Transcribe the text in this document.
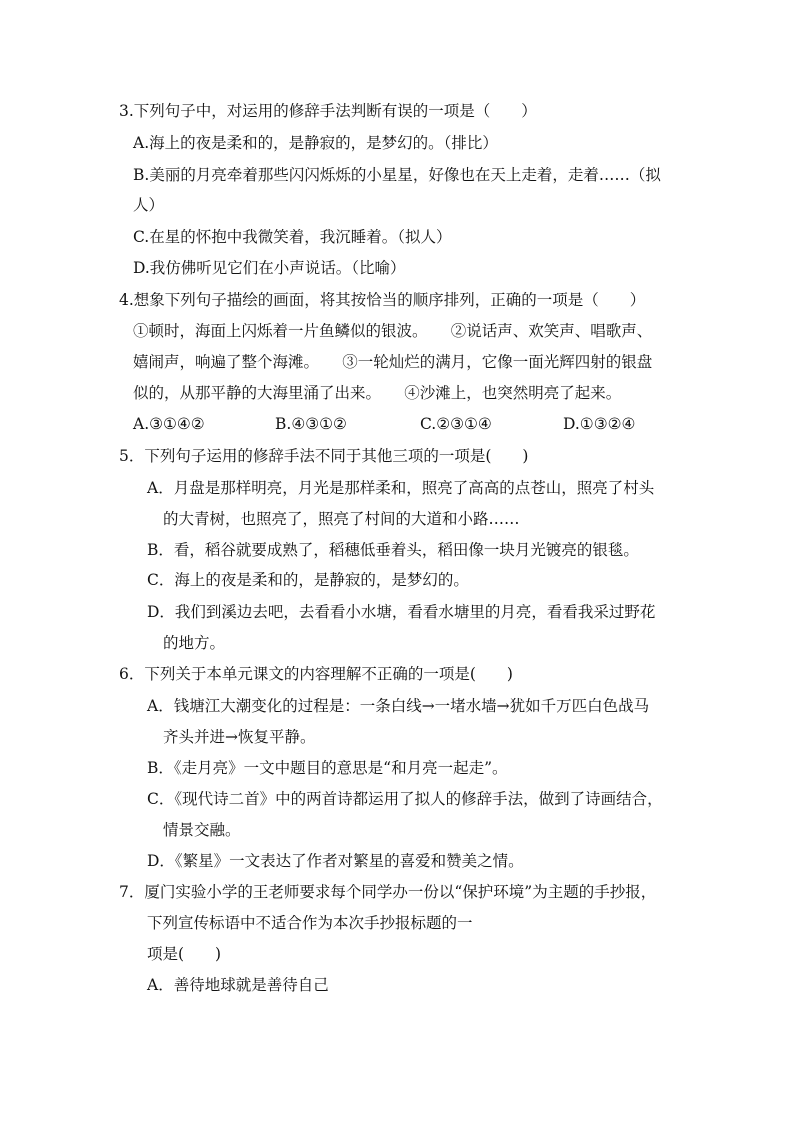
3.下列句子中，对运用的修辞手法判断有误的一项是（　　）
A.海上的夜是柔和的，是静寂的，是梦幻的。（排比）
B.美丽的月亮牵着那些闪闪烁烁的小星星，好像也在天上走着，走着……（拟
人）
C.在星的怀抱中我微笑着，我沉睡着。（拟人）
D.我仿佛听见它们在小声说话。（比喻）
4.想象下列句子描绘的画面，将其按恰当的顺序排列，正确的一项是（　　）
①顿时，海面上闪烁着一片鱼鳞似的银波。　　②说话声、欢笑声、唱歌声、
嬉闹声，响遍了整个海滩。　　③一轮灿烂的满月，它像一面光辉四射的银盘
似的，从那平静的大海里涌了出来。　　④沙滩上，也突然明亮了起来。
A.③①④②	B.④③①②	C.②③①④	D.①③②④
5．下列句子运用的修辞手法不同于其他三项的一项是(　　)
A．月盘是那样明亮，月光是那样柔和，照亮了高高的点苍山，照亮了村头
的大青树，也照亮了，照亮了村间的大道和小路……
B．看，稻谷就要成熟了，稻穗低垂着头，稻田像一块月光镀亮的银毯。
C．海上的夜是柔和的，是静寂的，是梦幻的。
D．我们到溪边去吧，去看看小水塘，看看水塘里的月亮，看看我采过野花
的地方。
6．下列关于本单元课文的内容理解不正确的一项是(　　)
A．钱塘江大潮变化的过程是：一条白线→一堵水墙→犹如千万匹白色战马
齐头并进→恢复平静。
B．《走月亮》一文中题目的意思是“和月亮一起走”。
C．《现代诗二首》中的两首诗都运用了拟人的修辞手法，做到了诗画结合，
情景交融。
D．《繁星》一文表达了作者对繁星的喜爱和赞美之情。
7．厦门实验小学的王老师要求每个同学办一份以“保护环境”为主题的手抄报，
下列宣传标语中不适合作为本次手抄报标题的一
项是(　　)
A．善待地球就是善待自己
